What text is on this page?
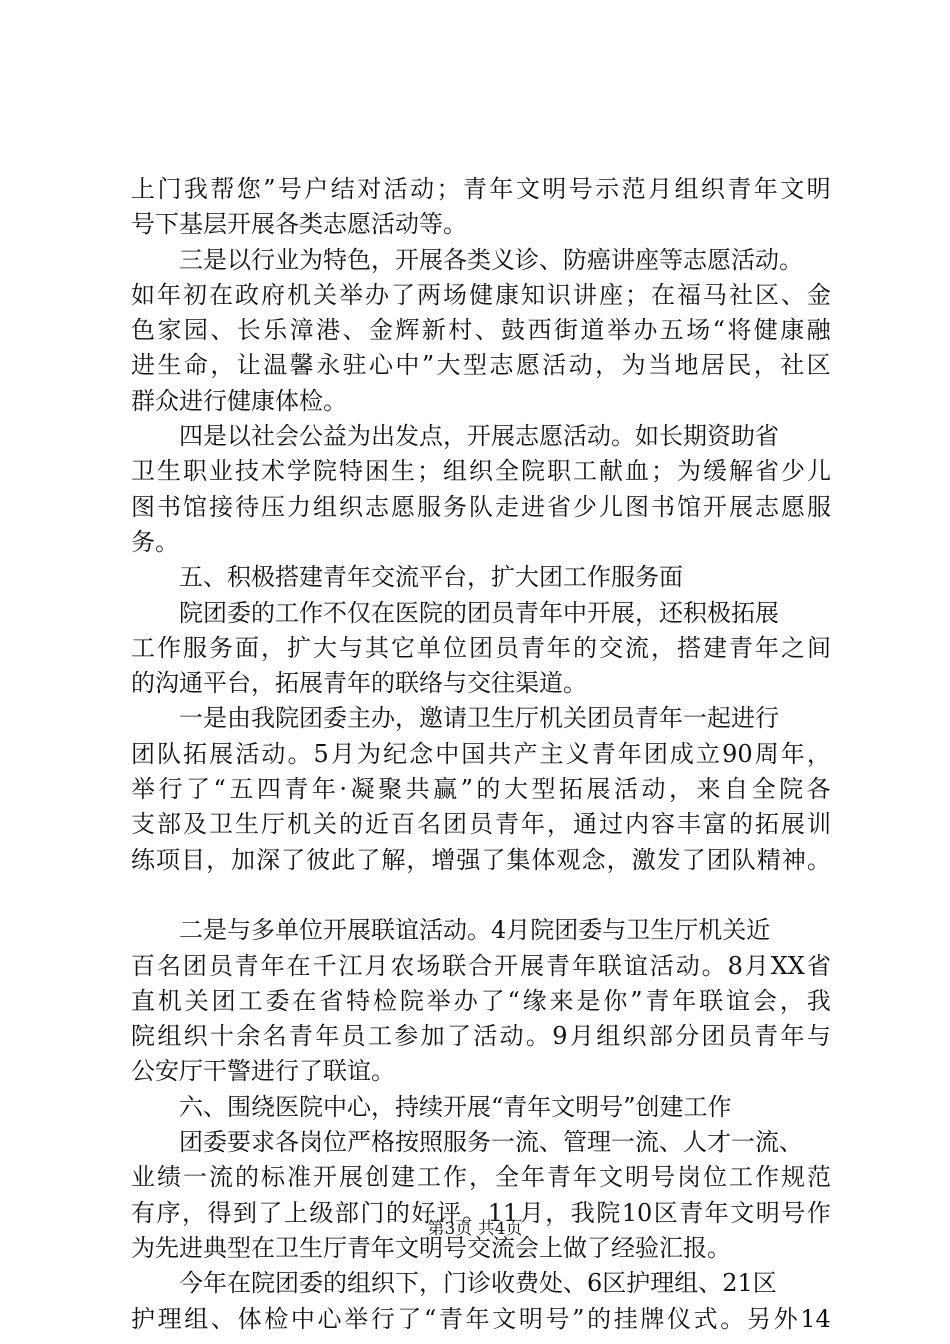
上 门 我 帮 您 ” 号 户 结 对 活 动 ； 青 年 文 明 号 示 范 月 组 织 青 年 文 明
号下基层开展各类志愿活动等。
三是以行业为特色，开展各类义诊、防癌讲座等志愿活动。
如 年 初 在 政 府 机 关 举 办 了 两 场 健 康 知 识 讲 座 ； 在 福 马 社 区 、 金
色 家 园 、 长 乐 漳 港 、 金 辉 新 村 、 鼓 西 街 道 举 办 五 场 “ 将 健 康 融
进 生 命 ， 让 温 馨 永 驻 心 中 ” 大 型 志 愿 活 动 ， 为 当 地 居 民 ， 社 区
群众进行健康体检。
四是以社会公益为出发点，开展志愿活动。如长期资助省
卫 生 职 业 技 术 学 院 特 困 生 ； 组 织 全 院 职 工 献 血 ； 为 缓 解 省 少 儿
图 书 馆 接 待 压 力 组 织 志 愿 服 务 队 走 进 省 少 儿 图 书 馆 开 展 志 愿 服
务。
五、积极搭建青年交流平台，扩大团工作服务面
院团委的工作不仅在医院的团员青年中开展，还积极拓展
工 作 服 务 面 ， 扩 大 与 其 它 单 位 团 员 青 年 的 交 流 ， 搭 建 青 年 之 间
的沟通平台，拓展青年的联络与交往渠道。
一是由我院团委主办，邀请卫生厅机关团员青年一起进行
团 队 拓 展 活 动 。 5 月 为 纪 念 中 国 共 产 主 义 青 年 团 成 立 90 周 年 ，
举 行 了 “ 五 四 青 年 · 凝 聚 共 赢 ” 的 大 型 拓 展 活 动 ， 来 自 全 院 各
支 部 及 卫 生 厅 机 关 的 近 百 名 团 员 青 年 ， 通 过 内 容 丰 富 的 拓 展 训
练 项 目 ， 加 深 了 彼 此 了 解 ， 增 强 了 集 体 观 念 ， 激 发 了 团 队 精 神 。
二是与多单位开展联谊活动。4月院团委与卫生厅机关近
百 名 团 员 青 年 在 千 江 月 农 场 联 合 开 展 青 年 联 谊 活 动 。 8 月 XX 省
直 机 关 团 工 委 在 省 特 检 院 举 办 了 “ 缘 来 是 你 ” 青 年 联 谊 会 ， 我
院 组 织 十 余 名 青 年 员 工 参 加 了 活 动 。 9 月 组 织 部 分 团 员 青 年 与
公安厅干警进行了联谊。
六、围绕医院中心，持续开展“青年文明号”创建工作
团委要求各岗位严格按照服务一流、管理一流、人才一流、
业 绩 一 流 的 标 准 开 展 创 建 工 作 ， 全 年 青 年 文 明 号 岗 位 工 作 规 范
有 序 ， 得 到 了 上 级 部 门 的 好 评 。 11 月 ， 我 院 10 区 青 年 文 明 号 作
为先进典型在卫生厅青年文明号交流会上做了经验汇报。
今年在院团委的组织下，门诊收费处、6区护理组、21区
护 理 组 、 体 检 中 心 举 行 了 “ 青 年 文 明 号 ” 的 挂 牌 仪 式 。 另 外 14
第3页 共4页
